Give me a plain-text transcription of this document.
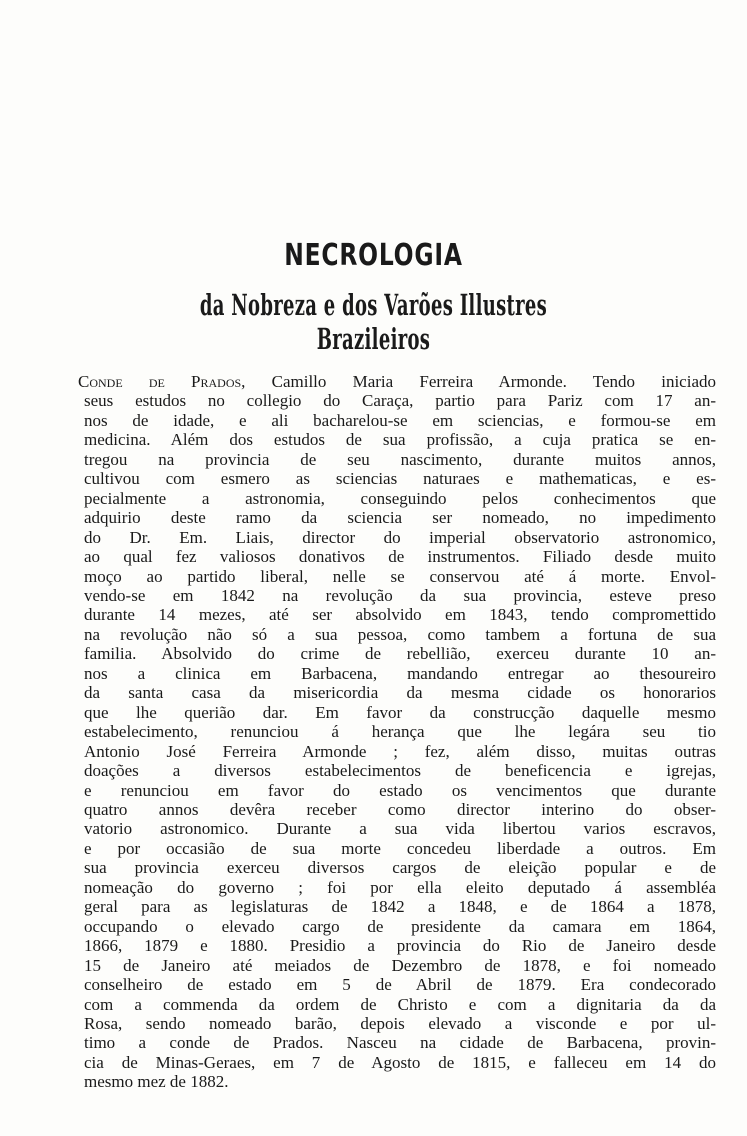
NECROLOGIA
da Nobreza e dos Varões Illustres Brazileiros
Conde de Prados, Camillo Maria Ferreira Armonde. Tendo iniciado
seus estudos no collegio do Caraça, partio para Pariz com 17 an-
nos de idade, e ali bacharelou-se em sciencias, e formou-se em
medicina. Além dos estudos de sua profissão, a cuja pratica se en-
tregou na provincia de seu nascimento, durante muitos annos,
cultivou com esmero as sciencias naturaes e mathematicas, e es-
pecialmente a astronomia, conseguindo pelos conhecimentos que
adquirio deste ramo da sciencia ser nomeado, no impedimento
do Dr. Em. Liais, director do imperial observatorio astronomico,
ao qual fez valiosos donativos de instrumentos. Filiado desde muito
moço ao partido liberal, nelle se conservou até á morte. Envol-
vendo-se em 1842 na revolução da sua provincia, esteve preso
durante 14 mezes, até ser absolvido em 1843, tendo compromettido
na revolução não só a sua pessoa, como tambem a fortuna de sua
familia. Absolvido do crime de rebellião, exerceu durante 10 an-
nos a clinica em Barbacena, mandando entregar ao thesoureiro
da santa casa da misericordia da mesma cidade os honorarios
que lhe querião dar. Em favor da construcção daquelle mesmo
estabelecimento, renunciou á herança que lhe legára seu tio
Antonio José Ferreira Armonde ; fez, além disso, muitas outras
doações a diversos estabelecimentos de beneficencia e igrejas,
e renunciou em favor do estado os vencimentos que durante
quatro annos devêra receber como director interino do obser-
vatorio astronomico. Durante a sua vida libertou varios escravos,
e por occasião de sua morte concedeu liberdade a outros. Em
sua provincia exerceu diversos cargos de eleição popular e de
nomeação do governo ; foi por ella eleito deputado á assembléa
geral para as legislaturas de 1842 a 1848, e de 1864 a 1878,
occupando o elevado cargo de presidente da camara em 1864,
1866, 1879 e 1880. Presidio a provincia do Rio de Janeiro desde
15 de Janeiro até meiados de Dezembro de 1878, e foi nomeado
conselheiro de estado em 5 de Abril de 1879. Era condecorado
com a commenda da ordem de Christo e com a dignitaria da da
Rosa, sendo nomeado barão, depois elevado a visconde e por ul-
timo a conde de Prados. Nasceu na cidade de Barbacena, provin-
cia de Minas-Geraes, em 7 de Agosto de 1815, e falleceu em 14 do
mesmo mez de 1882.
